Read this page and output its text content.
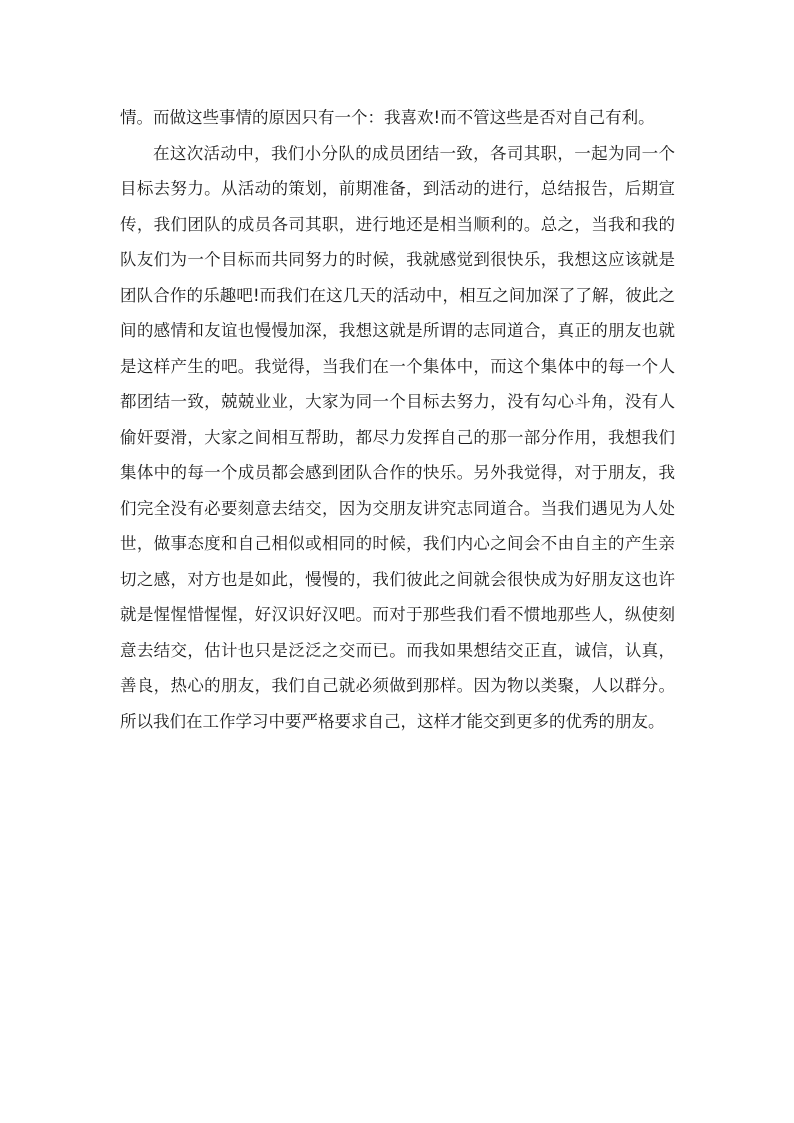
情。而做这些事情的原因只有一个：我喜欢!而不管这些是否对自己有利。

在这次活动中，我们小分队的成员团结一致，各司其职，一起为同一个目标去努力。从活动的策划，前期准备，到活动的进行，总结报告，后期宣传，我们团队的成员各司其职，进行地还是相当顺利的。总之，当我和我的队友们为一个目标而共同努力的时候，我就感觉到很快乐，我想这应该就是团队合作的乐趣吧!而我们在这几天的活动中，相互之间加深了了解，彼此之间的感情和友谊也慢慢加深，我想这就是所谓的志同道合，真正的朋友也就是这样产生的吧。我觉得，当我们在一个集体中，而这个集体中的每一个人都团结一致，兢兢业业，大家为同一个目标去努力，没有勾心斗角，没有人偷奸耍滑，大家之间相互帮助，都尽力发挥自己的那一部分作用，我想我们集体中的每一个成员都会感到团队合作的快乐。另外我觉得，对于朋友，我们完全没有必要刻意去结交，因为交朋友讲究志同道合。当我们遇见为人处世，做事态度和自己相似或相同的时候，我们内心之间会不由自主的产生亲切之感，对方也是如此，慢慢的，我们彼此之间就会很快成为好朋友这也许就是惺惺惜惺惺，好汉识好汉吧。而对于那些我们看不惯地那些人，纵使刻意去结交，估计也只是泛泛之交而已。而我如果想结交正直，诚信，认真，善良，热心的朋友，我们自己就必须做到那样。因为物以类聚，人以群分。所以我们在工作学习中要严格要求自己，这样才能交到更多的优秀的朋友。
